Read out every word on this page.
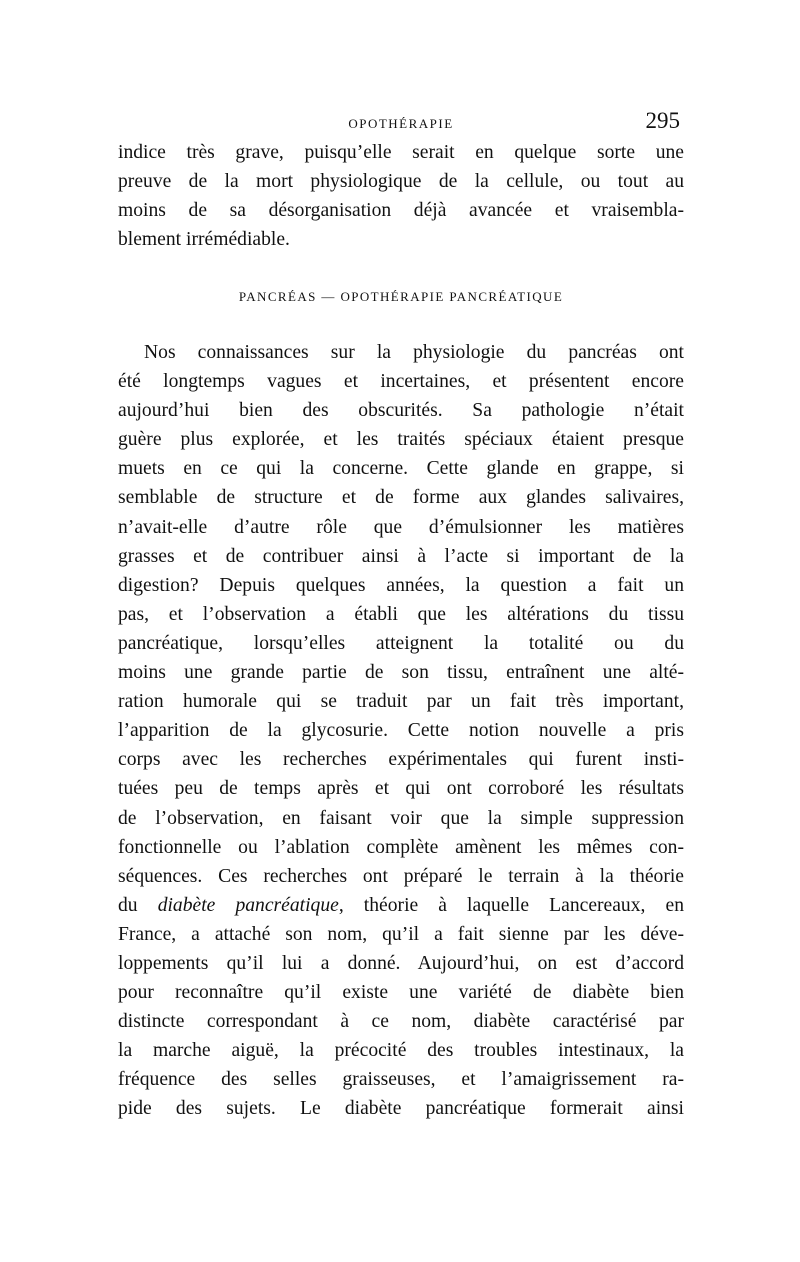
OPOTHÉRAPIE	295
indice très grave, puisqu’elle serait en quelque sorte une
preuve de la mort physiologique de la cellule, ou tout au
moins de sa désorganisation déjà avancée et vraisembla-
blement irrémédiable.
PANCRÉAS — OPOTHÉRAPIE PANCRÉATIQUE
Nos connaissances sur la physiologie du pancréas ont
été longtemps vagues et incertaines, et présentent encore
aujourd’hui bien des obscurités. Sa pathologie n’était
guère plus explorée, et les traités spéciaux étaient presque
muets en ce qui la concerne. Cette glande en grappe, si
semblable de structure et de forme aux glandes salivaires,
n’avait-elle d’autre rôle que d’émulsionner les matières
grasses et de contribuer ainsi à l’acte si important de la
digestion? Depuis quelques années, la question a fait un
pas, et l’observation a établi que les altérations du tissu
pancréatique, lorsqu’elles atteignent la totalité ou du
moins une grande partie de son tissu, entraînent une alté-
ration humorale qui se traduit par un fait très important,
l’apparition de la glycosurie. Cette notion nouvelle a pris
corps avec les recherches expérimentales qui furent insti-
tuées peu de temps après et qui ont corroboré les résultats
de l’observation, en faisant voir que la simple suppression
fonctionnelle ou l’ablation complète amènent les mêmes con-
séquences. Ces recherches ont préparé le terrain à la théorie
du diabète pancréatique, théorie à laquelle Lancereaux, en
France, a attaché son nom, qu’il a fait sienne par les déve-
loppements qu’il lui a donné. Aujourd’hui, on est d’accord
pour reconnaître qu’il existe une variété de diabète bien
distincte correspondant à ce nom, diabète caractérisé par
la marche aiguë, la précocité des troubles intestinaux, la
fréquence des selles graisseuses, et l’amaigrissement ra-
pide des sujets. Le diabète pancréatique formerait ainsi
